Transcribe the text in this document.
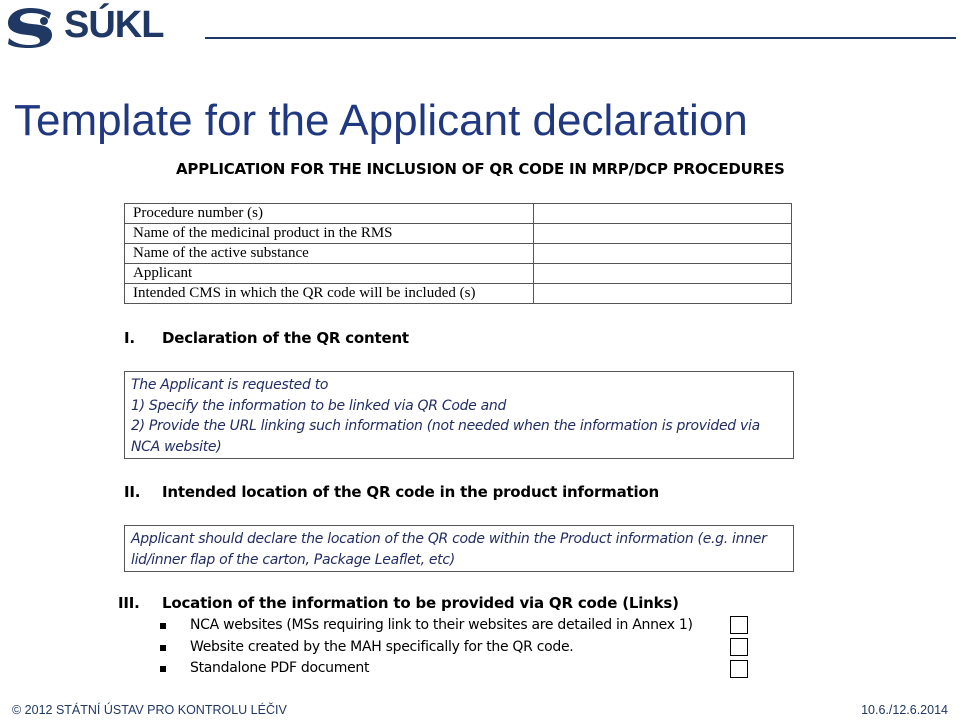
SÚKL
Template for the Applicant declaration
APPLICATION FOR THE INCLUSION OF QR CODE IN MRP/DCP PROCEDURES
Procedure number (s)	
Name of the medicinal product in the RMS	
Name of the active substance	
Applicant	
Intended CMS in which the QR code will be included (s)	
I. Declaration of the QR content
The Applicant is requested to
1) Specify the information to be linked via QR Code and
2) Provide the URL linking such information (not needed when the information is provided via
NCA website)
II. Intended location of the QR code in the product information
Applicant should declare the location of the QR code within the Product information (e.g. inner
lid/inner flap of the carton, Package Leaflet, etc)
III. Location of the information to be provided via QR code (Links)
NCA websites (MSs requiring link to their websites are detailed in Annex 1)
Website created by the MAH specifically for the QR code.
Standalone PDF document
© 2012 STÁTNÍ ÚSTAV PRO KONTROLU LÉČIV	10.6./12.6.2014
